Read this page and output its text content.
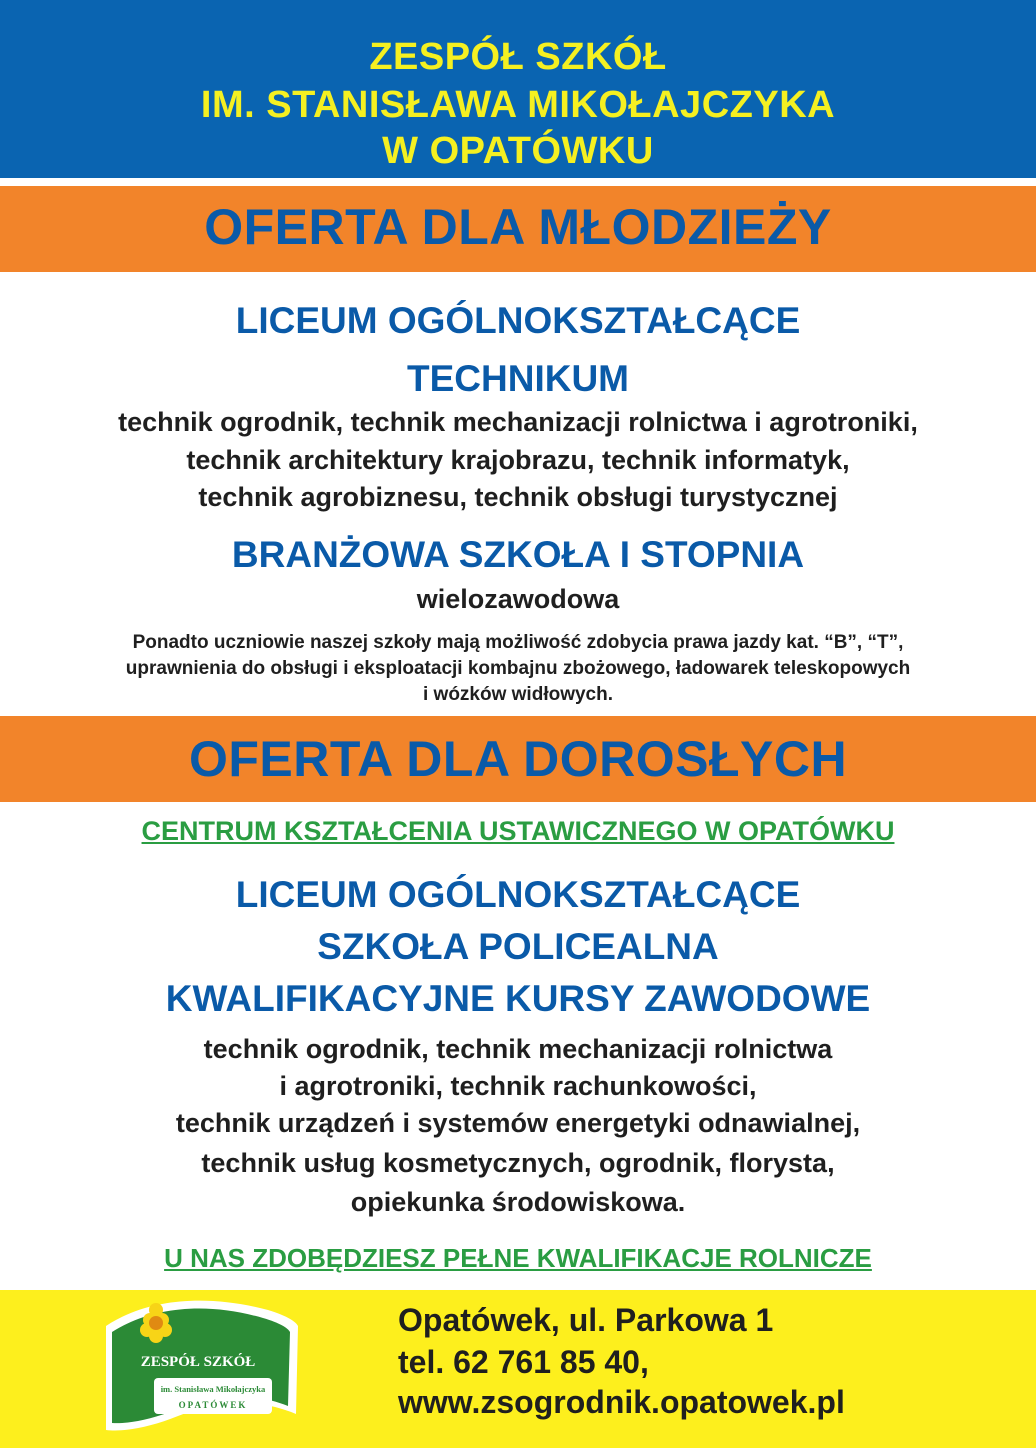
ZESPÓŁ SZKÓŁ
IM. STANISŁAWA MIKOŁAJCZYKA
W OPATÓWKU
OFERTA DLA MŁODZIEŻY
LICEUM OGÓLNOKSZTAŁCĄCE
TECHNIKUM
technik ogrodnik, technik mechanizacji rolnictwa i agrotroniki,
technik architektury krajobrazu, technik informatyk,
technik agrobiznesu, technik obsługi turystycznej
BRANŻOWA SZKOŁA I STOPNIA
wielozawodowa
Ponadto uczniowie naszej szkoły mają możliwość zdobycia prawa jazdy kat. “B”, “T”,
uprawnienia do obsługi i eksploatacji kombajnu zbożowego, ładowarek teleskopowych
i wózków widłowych.
OFERTA DLA DOROSŁYCH
CENTRUM KSZTAŁCENIA USTAWICZNEGO W OPATÓWKU
LICEUM OGÓLNOKSZTAŁCĄCE
SZKOŁA POLICEALNA
KWALIFIKACYJNE KURSY ZAWODOWE
technik ogrodnik, technik mechanizacji rolnictwa
i agrotroniki, technik rachunkowości,
technik urządzeń i systemów energetyki odnawialnej,
technik usług kosmetycznych, ogrodnik, florysta,
opiekunka środowiskowa.
U NAS ZDOBĘDZIESZ PEŁNE KWALIFIKACJE ROLNICZE
ZESPÓŁ SZKÓŁ
im. Stanisława Mikołajczyka
OPATÓWEK
Opatówek, ul. Parkowa 1
tel. 62 761 85 40,
www.zsogrodnik.opatowek.pl
